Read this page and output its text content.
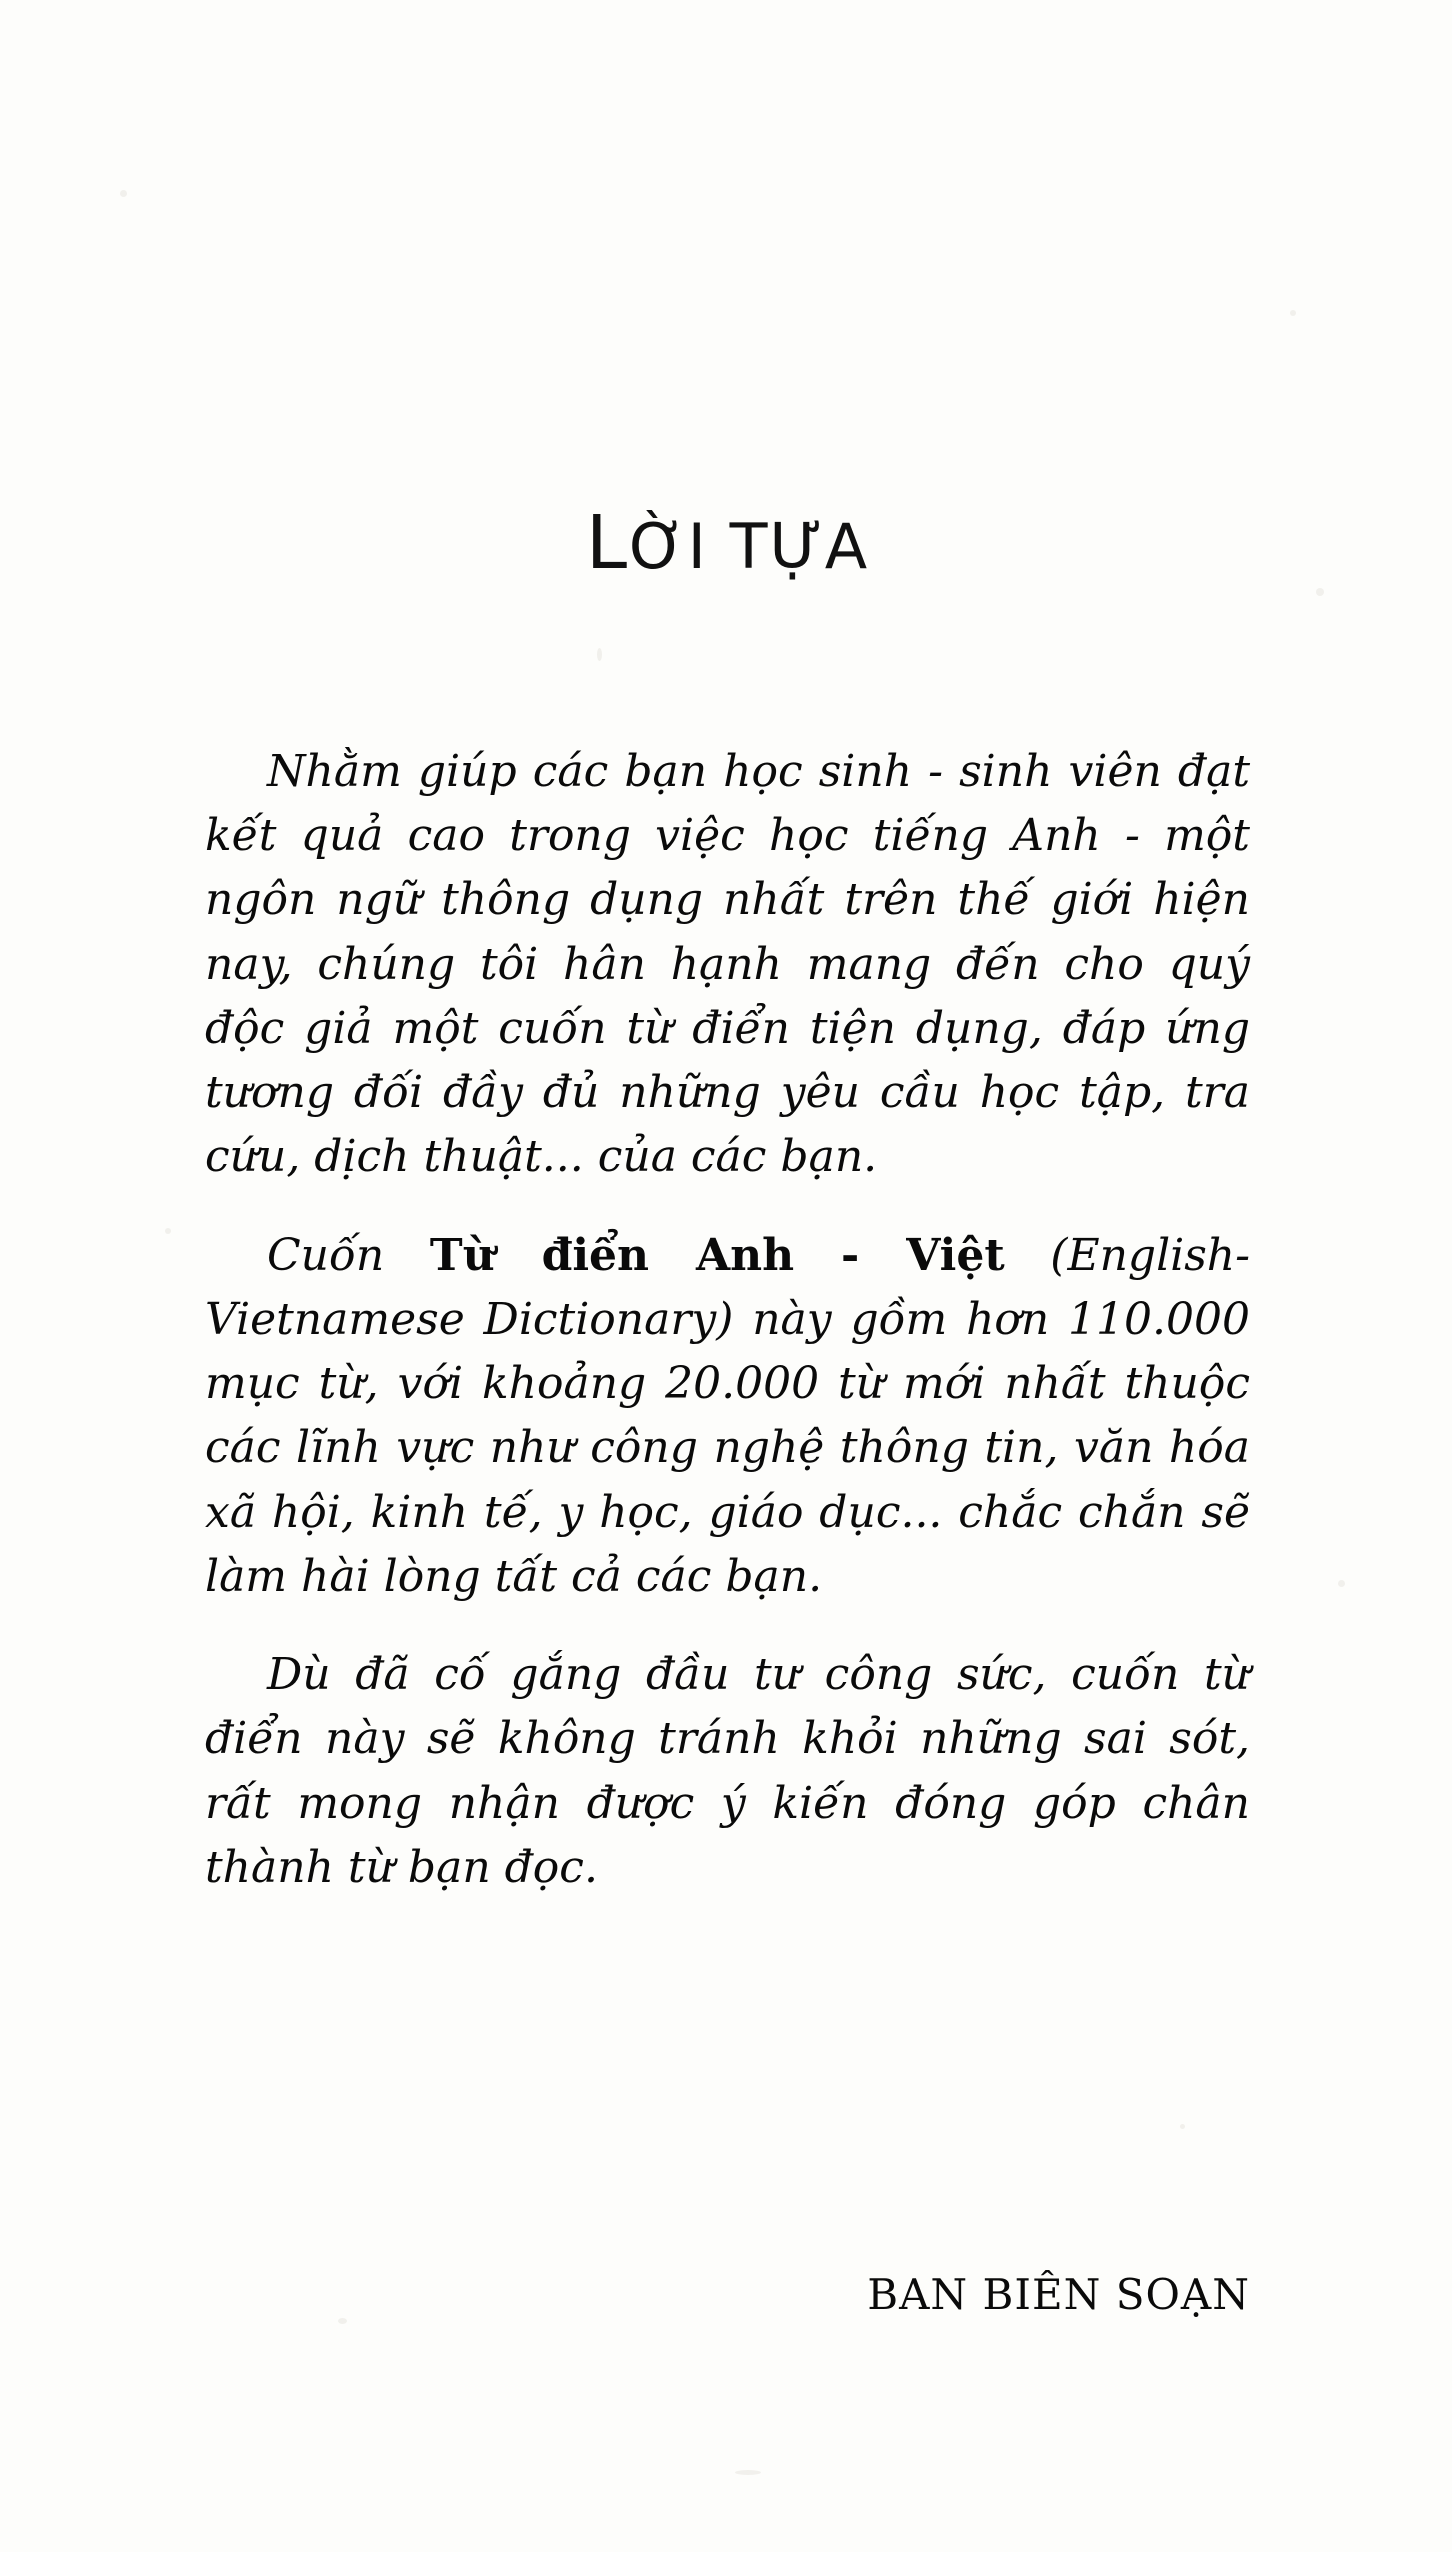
LỜI TỰA

Nhằm giúp các bạn học sinh - sinh viên đạt kết quả cao trong việc học tiếng Anh - một ngôn ngữ thông dụng nhất trên thế giới hiện nay, chúng tôi hân hạnh mang đến cho quý độc giả một cuốn từ điển tiện dụng, đáp ứng tương đối đầy đủ những yêu cầu học tập, tra cứu, dịch thuật... của các bạn.

Cuốn Từ điển Anh - Việt (English-Vietnamese Dictionary) này gồm hơn 110.000 mục từ, với khoảng 20.000 từ mới nhất thuộc các lĩnh vực như công nghệ thông tin, văn hóa xã hội, kinh tế, y học, giáo dục... chắc chắn sẽ làm hài lòng tất cả các bạn.

Dù đã cố gắng đầu tư công sức, cuốn từ điển này sẽ không tránh khỏi những sai sót, rất mong nhận được ý kiến đóng góp chân thành từ bạn đọc.

BAN BIÊN SOẠN
